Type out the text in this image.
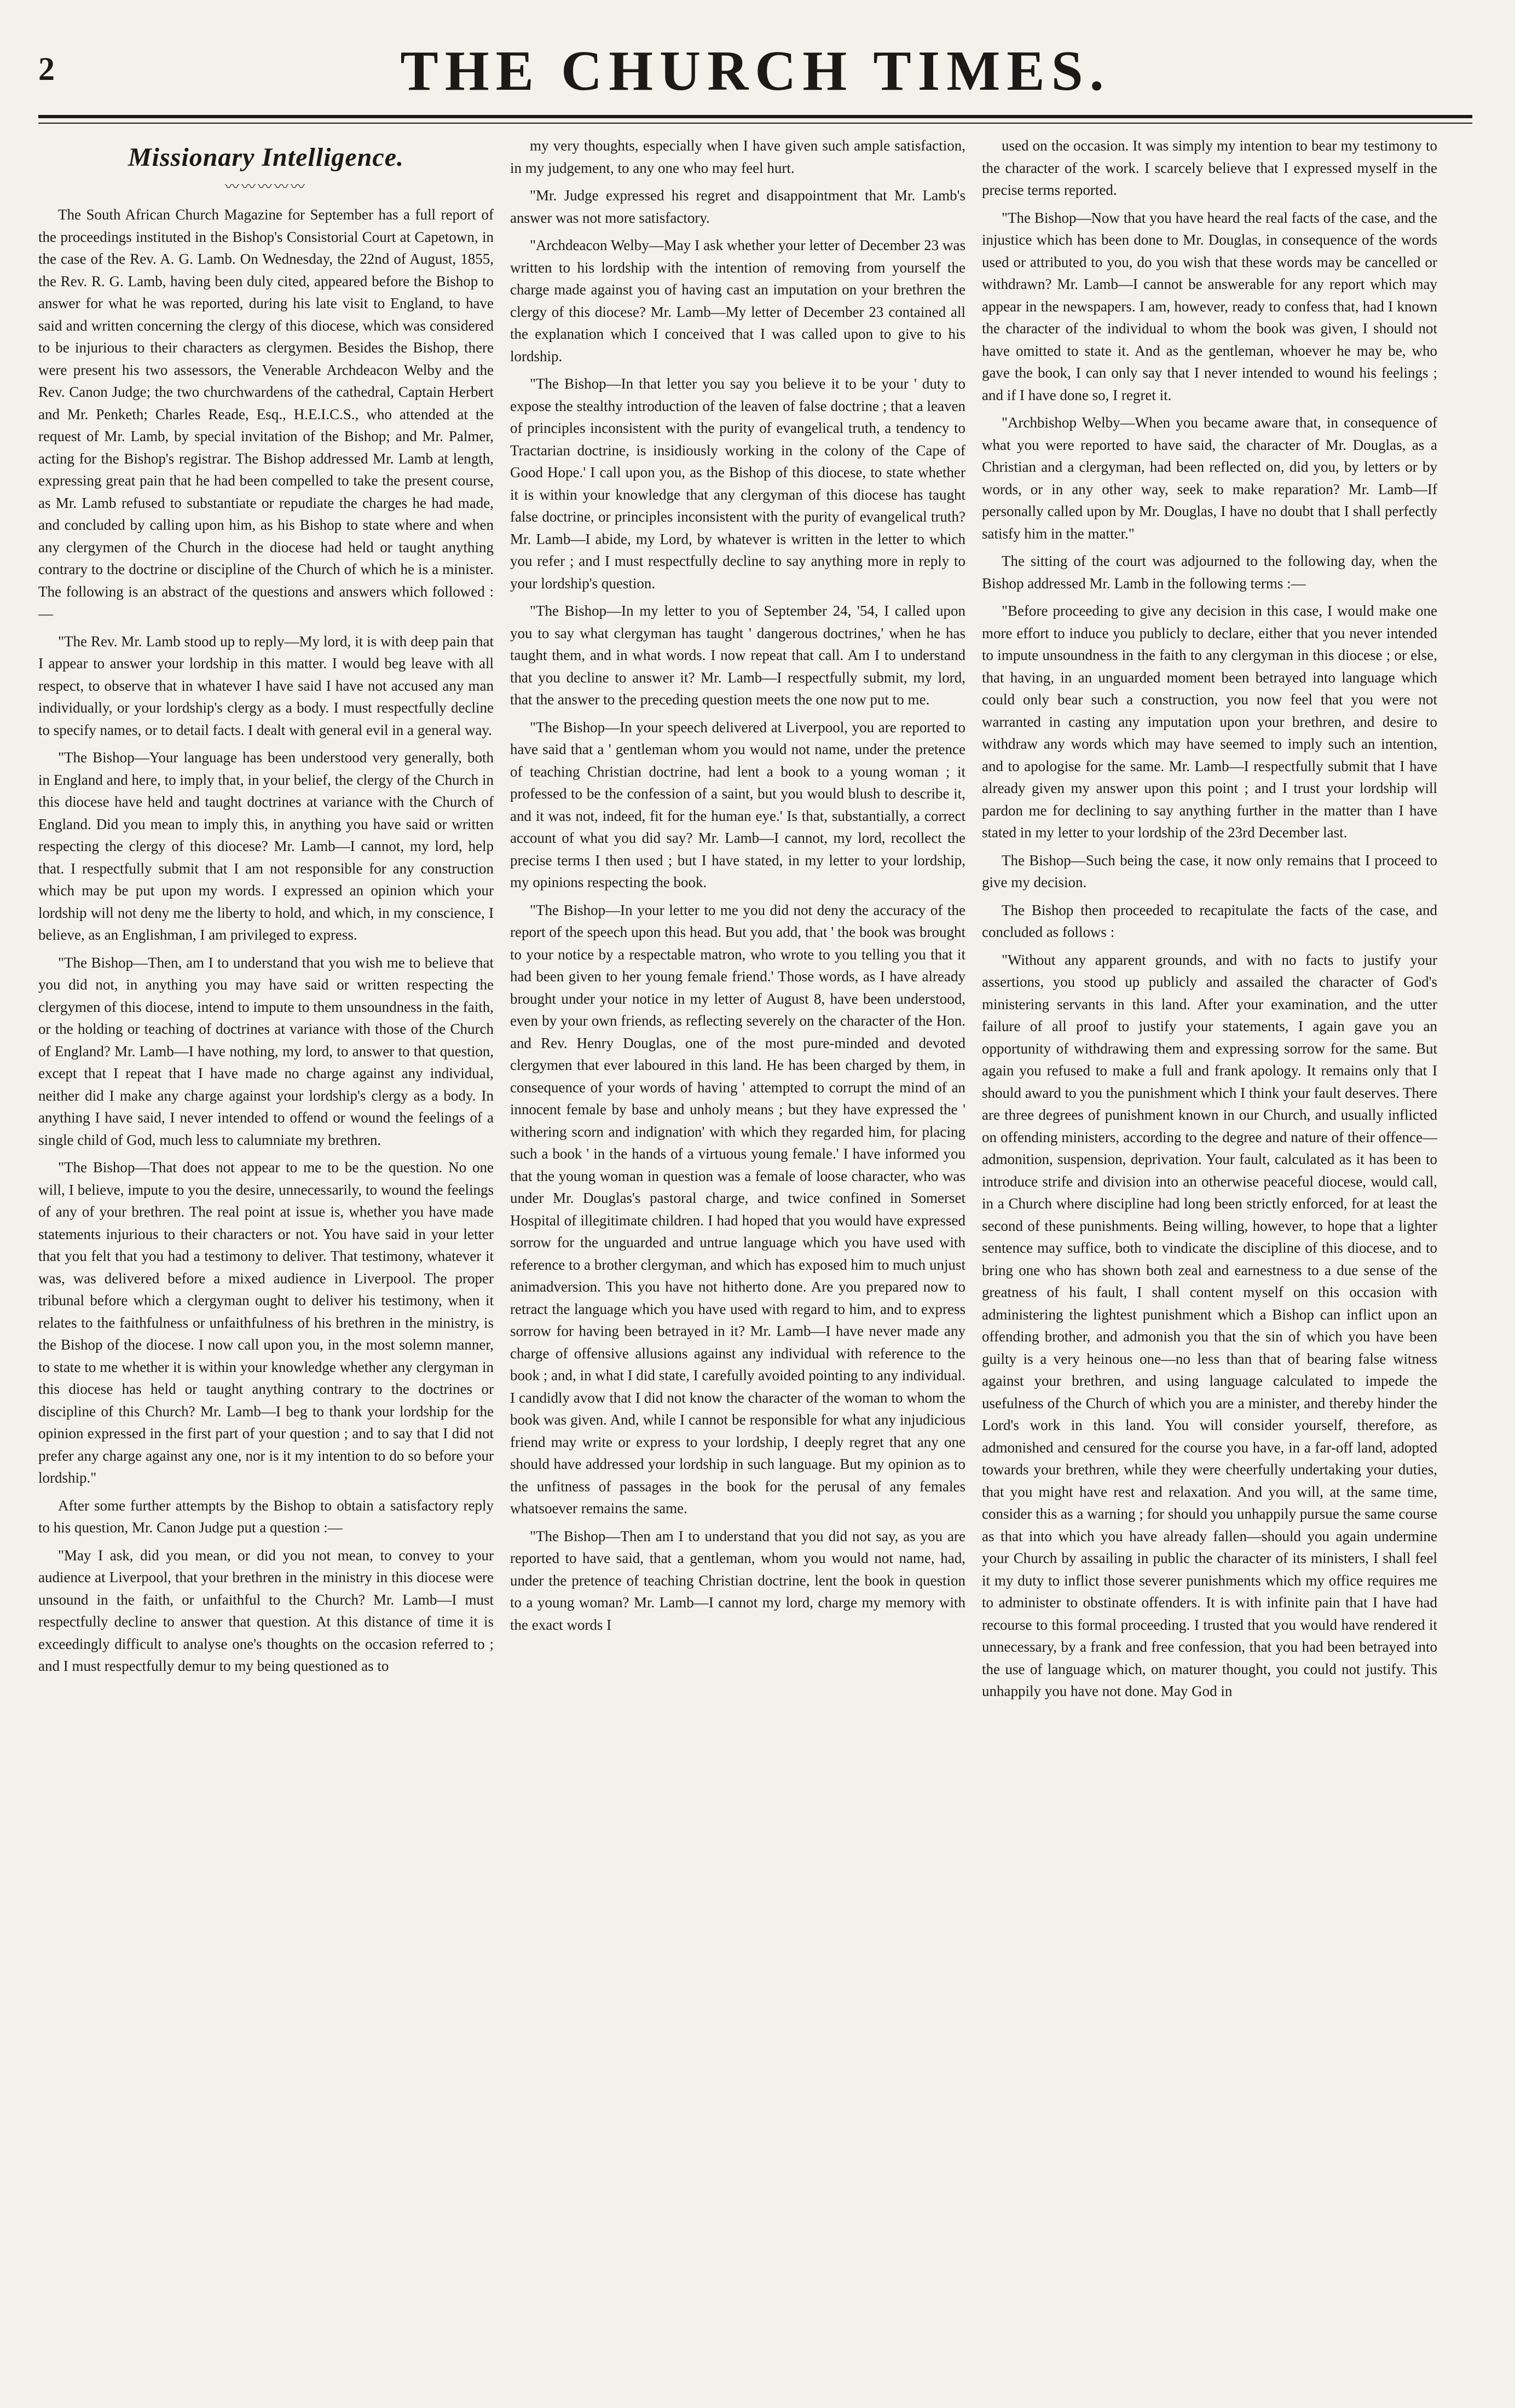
2	THE CHURCH TIMES.
Missionary Intelligence.
〰〰〰〰〰

The South African Church Magazine for September has a full report of the proceedings instituted in the Bishop's Consistorial Court at Capetown, in the case of the Rev. A. G. Lamb. On Wednesday, the 22nd of August, 1855, the Rev. R. G. Lamb, having been duly cited, appeared before the Bishop to answer for what he was reported, during his late visit to England, to have said and written concerning the clergy of this diocese, which was considered to be injurious to their characters as clergymen. Besides the Bishop, there were present his two assessors, the Venerable Archdeacon Welby and the Rev. Canon Judge; the two churchwardens of the cathedral, Captain Herbert and Mr. Penketh; Charles Reade, Esq., H.E.I.C.S., who attended at the request of Mr. Lamb, by special invitation of the Bishop; and Mr. Palmer, acting for the Bishop's registrar. The Bishop addressed Mr. Lamb at length, expressing great pain that he had been compelled to take the present course, as Mr. Lamb refused to substantiate or repudiate the charges he had made, and concluded by calling upon him, as his Bishop to state where and when any clergymen of the Church in the diocese had held or taught anything contrary to the doctrine or discipline of the Church of which he is a minister. The following is an abstract of the questions and answers which followed :—

"The Rev. Mr. Lamb stood up to reply—My lord, it is with deep pain that I appear to answer your lordship in this matter. I would beg leave with all respect, to observe that in whatever I have said I have not accused any man individually, or your lordship's clergy as a body. I must respectfully decline to specify names, or to detail facts. I dealt with general evil in a general way.

"The Bishop—Your language has been understood very generally, both in England and here, to imply that, in your belief, the clergy of the Church in this diocese have held and taught doctrines at variance with the Church of England. Did you mean to imply this, in anything you have said or written respecting the clergy of this diocese? Mr. Lamb—I cannot, my lord, help that. I respectfully submit that I am not responsible for any construction which may be put upon my words. I expressed an opinion which your lordship will not deny me the liberty to hold, and which, in my conscience, I believe, as an Englishman, I am privileged to express.

"The Bishop—Then, am I to understand that you wish me to believe that you did not, in anything you may have said or written respecting the clergymen of this diocese, intend to impute to them unsoundness in the faith, or the holding or teaching of doctrines at variance with those of the Church of England? Mr. Lamb—I have nothing, my lord, to answer to that question, except that I repeat that I have made no charge against any individual, neither did I make any charge against your lordship's clergy as a body. In anything I have said, I never intended to offend or wound the feelings of a single child of God, much less to calumniate my brethren.

"The Bishop—That does not appear to me to be the question. No one will, I believe, impute to you the desire, unnecessarily, to wound the feelings of any of your brethren. The real point at issue is, whether you have made statements injurious to their characters or not. You have said in your letter that you felt that you had a testimony to deliver. That testimony, whatever it was, was delivered before a mixed audience in Liverpool. The proper tribunal before which a clergyman ought to deliver his testimony, when it relates to the faithfulness or unfaithfulness of his brethren in the ministry, is the Bishop of the diocese. I now call upon you, in the most solemn manner, to state to me whether it is within your knowledge whether any clergyman in this diocese has held or taught anything contrary to the doctrines or discipline of this Church? Mr. Lamb—I beg to thank your lordship for the opinion expressed in the first part of your question ; and to say that I did not prefer any charge against any one, nor is it my intention to do so before your lordship."

After some further attempts by the Bishop to obtain a satisfactory reply to his question, Mr. Canon Judge put a question :—

"May I ask, did you mean, or did you not mean, to convey to your audience at Liverpool, that your brethren in the ministry in this diocese were unsound in the faith, or unfaithful to the Church? Mr. Lamb—I must respectfully decline to answer that question. At this distance of time it is exceedingly difficult to analyse one's thoughts on the occasion referred to ; and I must respectfully demur to my being questioned as to

my very thoughts, especially when I have given such ample satisfaction, in my judgement, to any one who may feel hurt.

"Mr. Judge expressed his regret and disappointment that Mr. Lamb's answer was not more satisfactory.

"Archdeacon Welby—May I ask whether your letter of December 23 was written to his lordship with the intention of removing from yourself the charge made against you of having cast an imputation on your brethren the clergy of this diocese? Mr. Lamb—My letter of December 23 contained all the explanation which I conceived that I was called upon to give to his lordship.

"The Bishop—In that letter you say you believe it to be your ' duty to expose the stealthy introduction of the leaven of false doctrine ; that a leaven of principles inconsistent with the purity of evangelical truth, a tendency to Tractarian doctrine, is insidiously working in the colony of the Cape of Good Hope.' I call upon you, as the Bishop of this diocese, to state whether it is within your knowledge that any clergyman of this diocese has taught false doctrine, or principles inconsistent with the purity of evangelical truth? Mr. Lamb—I abide, my Lord, by whatever is written in the letter to which you refer ; and I must respectfully decline to say anything more in reply to your lordship's question.

"The Bishop—In my letter to you of September 24, '54, I called upon you to say what clergyman has taught ' dangerous doctrines,' when he has taught them, and in what words. I now repeat that call. Am I to understand that you decline to answer it? Mr. Lamb—I respectfully submit, my lord, that the answer to the preceding question meets the one now put to me.

"The Bishop—In your speech delivered at Liverpool, you are reported to have said that a ' gentleman whom you would not name, under the pretence of teaching Christian doctrine, had lent a book to a young woman ; it professed to be the confession of a saint, but you would blush to describe it, and it was not, indeed, fit for the human eye.' Is that, substantially, a correct account of what you did say? Mr. Lamb—I cannot, my lord, recollect the precise terms I then used ; but I have stated, in my letter to your lordship, my opinions respecting the book.

"The Bishop—In your letter to me you did not deny the accuracy of the report of the speech upon this head. But you add, that ' the book was brought to your notice by a respectable matron, who wrote to you telling you that it had been given to her young female friend.' Those words, as I have already brought under your notice in my letter of August 8, have been understood, even by your own friends, as reflecting severely on the character of the Hon. and Rev. Henry Douglas, one of the most pure-minded and devoted clergymen that ever laboured in this land. He has been charged by them, in consequence of your words of having ' attempted to corrupt the mind of an innocent female by base and unholy means ; but they have expressed the ' withering scorn and indignation' with which they regarded him, for placing such a book ' in the hands of a virtuous young female.' I have informed you that the young woman in question was a female of loose character, who was under Mr. Douglas's pastoral charge, and twice confined in Somerset Hospital of illegitimate children. I had hoped that you would have expressed sorrow for the unguarded and untrue language which you have used with reference to a brother clergyman, and which has exposed him to much unjust animadversion. This you have not hitherto done. Are you prepared now to retract the language which you have used with regard to him, and to express sorrow for having been betrayed in it? Mr. Lamb—I have never made any charge of offensive allusions against any individual with reference to the book ; and, in what I did state, I carefully avoided pointing to any individual. I candidly avow that I did not know the character of the woman to whom the book was given. And, while I cannot be responsible for what any injudicious friend may write or express to your lordship, I deeply regret that any one should have addressed your lordship in such language. But my opinion as to the unfitness of passages in the book for the perusal of any females whatsoever remains the same.

"The Bishop—Then am I to understand that you did not say, as you are reported to have said, that a gentleman, whom you would not name, had, under the pretence of teaching Christian doctrine, lent the book in question to a young woman? Mr. Lamb—I cannot my lord, charge my memory with the exact words I

used on the occasion. It was simply my intention to bear my testimony to the character of the work. I scarcely believe that I expressed myself in the precise terms reported.

"The Bishop—Now that you have heard the real facts of the case, and the injustice which has been done to Mr. Douglas, in consequence of the words used or attributed to you, do you wish that these words may be cancelled or withdrawn? Mr. Lamb—I cannot be answerable for any report which may appear in the newspapers. I am, however, ready to confess that, had I known the character of the individual to whom the book was given, I should not have omitted to state it. And as the gentleman, whoever he may be, who gave the book, I can only say that I never intended to wound his feelings ; and if I have done so, I regret it.

"Archbishop Welby—When you became aware that, in consequence of what you were reported to have said, the character of Mr. Douglas, as a Christian and a clergyman, had been reflected on, did you, by letters or by words, or in any other way, seek to make reparation? Mr. Lamb—If personally called upon by Mr. Douglas, I have no doubt that I shall perfectly satisfy him in the matter."

The sitting of the court was adjourned to the following day, when the Bishop addressed Mr. Lamb in the following terms :—

"Before proceeding to give any decision in this case, I would make one more effort to induce you publicly to declare, either that you never intended to impute unsoundness in the faith to any clergyman in this diocese ; or else, that having, in an unguarded moment been betrayed into language which could only bear such a construction, you now feel that you were not warranted in casting any imputation upon your brethren, and desire to withdraw any words which may have seemed to imply such an intention, and to apologise for the same. Mr. Lamb—I respectfully submit that I have already given my answer upon this point ; and I trust your lordship will pardon me for declining to say anything further in the matter than I have stated in my letter to your lordship of the 23rd December last.

The Bishop—Such being the case, it now only remains that I proceed to give my decision.

The Bishop then proceeded to recapitulate the facts of the case, and concluded as follows :

"Without any apparent grounds, and with no facts to justify your assertions, you stood up publicly and assailed the character of God's ministering servants in this land. After your examination, and the utter failure of all proof to justify your statements, I again gave you an opportunity of withdrawing them and expressing sorrow for the same. But again you refused to make a full and frank apology. It remains only that I should award to you the punishment which I think your fault deserves. There are three degrees of punishment known in our Church, and usually inflicted on offending ministers, according to the degree and nature of their offence—admonition, suspension, deprivation. Your fault, calculated as it has been to introduce strife and division into an otherwise peaceful diocese, would call, in a Church where discipline had long been strictly enforced, for at least the second of these punishments. Being willing, however, to hope that a lighter sentence may suffice, both to vindicate the discipline of this diocese, and to bring one who has shown both zeal and earnestness to a due sense of the greatness of his fault, I shall content myself on this occasion with administering the lightest punishment which a Bishop can inflict upon an offending brother, and admonish you that the sin of which you have been guilty is a very heinous one—no less than that of bearing false witness against your brethren, and using language calculated to impede the usefulness of the Church of which you are a minister, and thereby hinder the Lord's work in this land. You will consider yourself, therefore, as admonished and censured for the course you have, in a far-off land, adopted towards your brethren, while they were cheerfully undertaking your duties, that you might have rest and relaxation. And you will, at the same time, consider this as a warning ; for should you unhappily pursue the same course as that into which you have already fallen—should you again undermine your Church by assailing in public the character of its ministers, I shall feel it my duty to inflict those severer punishments which my office requires me to administer to obstinate offenders. It is with infinite pain that I have had recourse to this formal proceeding. I trusted that you would have rendered it unnecessary, by a frank and free confession, that you had been betrayed into the use of language which, on maturer thought, you could not justify. This unhappily you have not done. May God in
